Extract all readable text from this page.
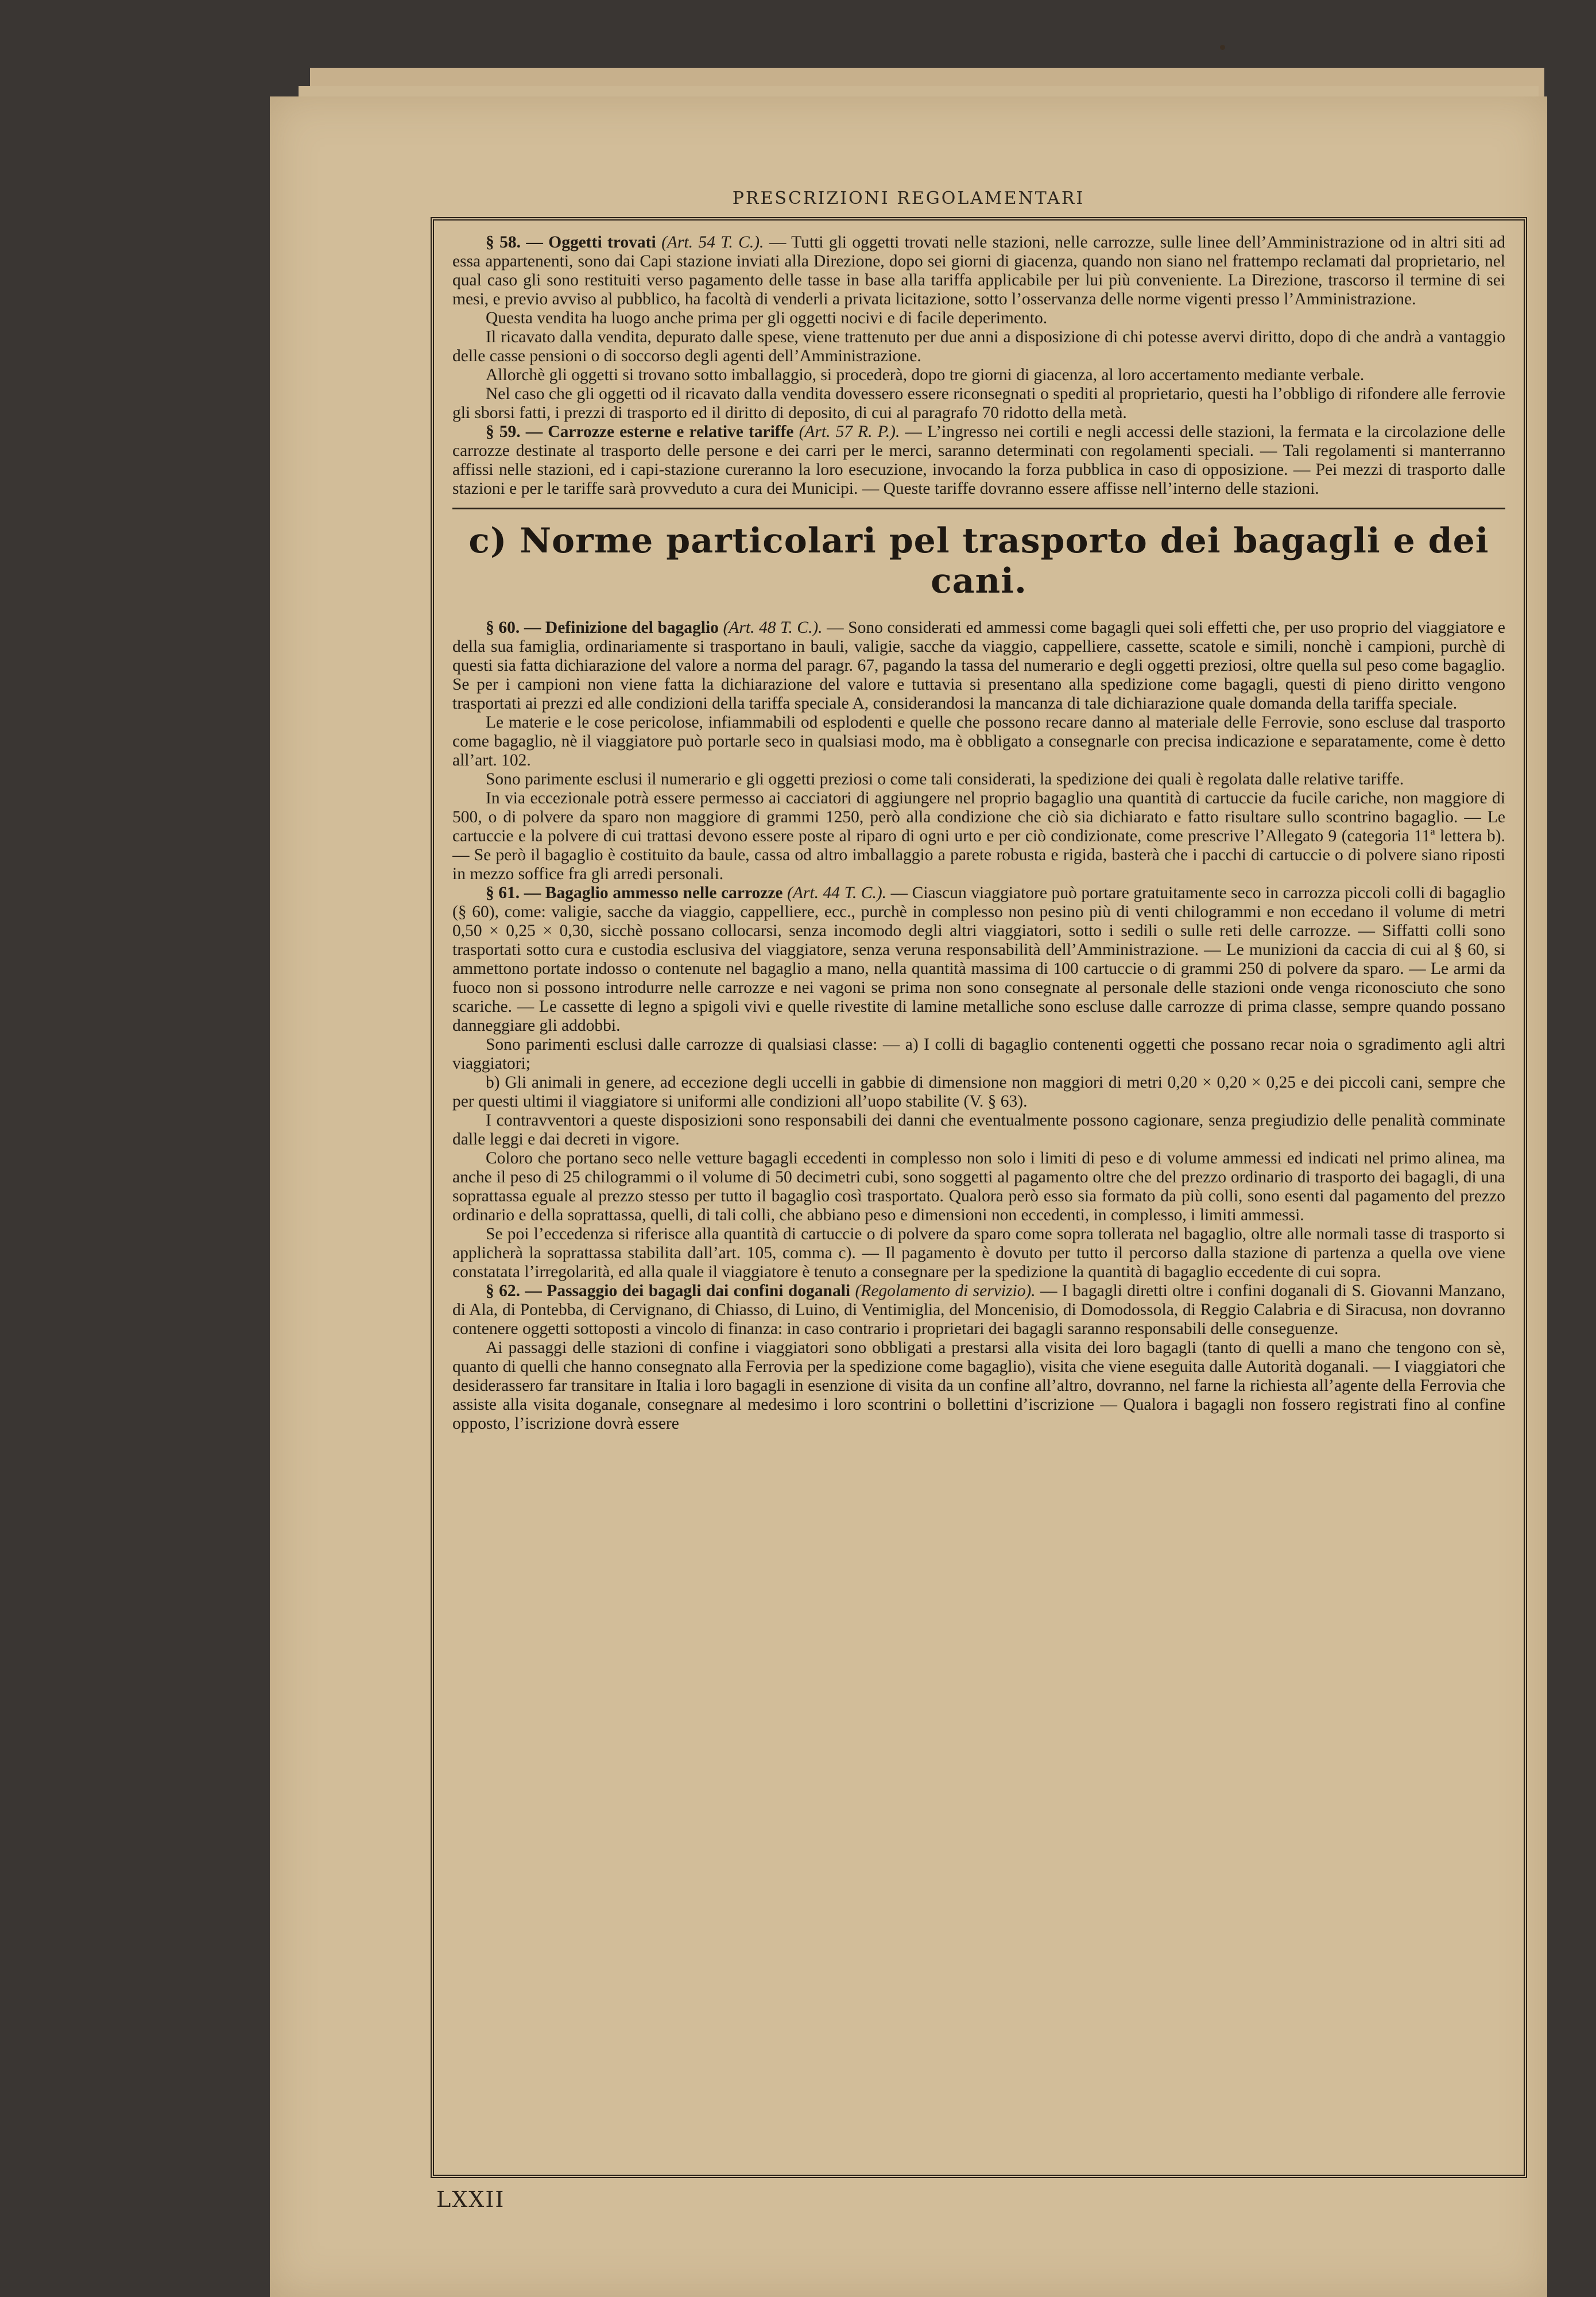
PRESCRIZIONI REGOLAMENTARI

§ 58. — Oggetti trovati (Art. 54 T. C.). — Tutti gli oggetti trovati nelle stazioni, nelle carrozze, sulle linee dell’Amministrazione od in altri siti ad essa appartenenti, sono dai Capi stazione inviati alla Direzione, dopo sei giorni di giacenza, quando non siano nel frattempo reclamati dal proprietario, nel qual caso gli sono restituiti verso pagamento delle tasse in base alla tariffa applicabile per lui più conveniente. La Direzione, trascorso il termine di sei mesi, e previo avviso al pubblico, ha facoltà di venderli a privata licitazione, sotto l’osservanza delle norme vigenti presso l’Amministrazione.

Questa vendita ha luogo anche prima per gli oggetti nocivi e di facile deperimento.

Il ricavato dalla vendita, depurato dalle spese, viene trattenuto per due anni a disposizione di chi potesse avervi diritto, dopo di che andrà a vantaggio delle casse pensioni o di soccorso degli agenti dell’Amministrazione.

Allorchè gli oggetti si trovano sotto imballaggio, si procederà, dopo tre giorni di giacenza, al loro accertamento mediante verbale.

Nel caso che gli oggetti od il ricavato dalla vendita dovessero essere riconsegnati o spediti al proprietario, questi ha l’obbligo di rifondere alle ferrovie gli sborsi fatti, i prezzi di trasporto ed il diritto di deposito, di cui al paragrafo 70 ridotto della metà.

§ 59. — Carrozze esterne e relative tariffe (Art. 57 R. P.). — L’ingresso nei cortili e negli accessi delle stazioni, la fermata e la circolazione delle carrozze destinate al trasporto delle persone e dei carri per le merci, saranno determinati con regolamenti speciali. — Tali regolamenti si manterranno affissi nelle stazioni, ed i capi-stazione cureranno la loro esecuzione, invocando la forza pubblica in caso di opposizione. — Pei mezzi di trasporto dalle stazioni e per le tariffe sarà provveduto a cura dei Municipi. — Queste tariffe dovranno essere affisse nell’interno delle stazioni.

c) Norme particolari pel trasporto dei bagagli e dei cani.

§ 60. — Definizione del bagaglio (Art. 48 T. C.). — Sono considerati ed ammessi come bagagli quei soli effetti che, per uso proprio del viaggiatore e della sua famiglia, ordinariamente si trasportano in bauli, valigie, sacche da viaggio, cappelliere, cassette, scatole e simili, nonchè i campioni, purchè di questi sia fatta dichiarazione del valore a norma del paragr. 67, pagando la tassa del numerario e degli oggetti preziosi, oltre quella sul peso come bagaglio. Se per i campioni non viene fatta la dichiarazione del valore e tuttavia si presentano alla spedizione come bagagli, questi di pieno diritto vengono trasportati ai prezzi ed alle condizioni della tariffa speciale A, considerandosi la mancanza di tale dichiarazione quale domanda della tariffa speciale.

Le materie e le cose pericolose, infiammabili od esplodenti e quelle che possono recare danno al materiale delle Ferrovie, sono escluse dal trasporto come bagaglio, nè il viaggiatore può portarle seco in qualsiasi modo, ma è obbligato a consegnarle con precisa indicazione e separatamente, come è detto all’art. 102.

Sono parimente esclusi il numerario e gli oggetti preziosi o come tali considerati, la spedizione dei quali è regolata dalle relative tariffe.

In via eccezionale potrà essere permesso ai cacciatori di aggiungere nel proprio bagaglio una quantità di cartuccie da fucile cariche, non maggiore di 500, o di polvere da sparo non maggiore di grammi 1250, però alla condizione che ciò sia dichiarato e fatto risultare sullo scontrino bagaglio. — Le cartuccie e la polvere di cui trattasi devono essere poste al riparo di ogni urto e per ciò condizionate, come prescrive l’Allegato 9 (categoria 11ª lettera b). — Se però il bagaglio è costituito da baule, cassa od altro imballaggio a parete robusta e rigida, basterà che i pacchi di cartuccie o di polvere siano riposti in mezzo soffice fra gli arredi personali.

§ 61. — Bagaglio ammesso nelle carrozze (Art. 44 T. C.). — Ciascun viaggiatore può portare gratuitamente seco in carrozza piccoli colli di bagaglio (§ 60), come: valigie, sacche da viaggio, cappelliere, ecc., purchè in complesso non pesino più di venti chilogrammi e non eccedano il volume di metri 0,50 × 0,25 × 0,30, sicchè possano collocarsi, senza incomodo degli altri viaggiatori, sotto i sedili o sulle reti delle carrozze. — Siffatti colli sono trasportati sotto cura e custodia esclusiva del viaggiatore, senza veruna responsabilità dell’Amministrazione. — Le munizioni da caccia di cui al § 60, si ammettono portate indosso o contenute nel bagaglio a mano, nella quantità massima di 100 cartuccie o di grammi 250 di polvere da sparo. — Le armi da fuoco non si possono introdurre nelle carrozze e nei vagoni se prima non sono consegnate al personale delle stazioni onde venga riconosciuto che sono scariche. — Le cassette di legno a spigoli vivi e quelle rivestite di lamine metalliche sono escluse dalle carrozze di prima classe, sempre quando possano danneggiare gli addobbi.

Sono parimenti esclusi dalle carrozze di qualsiasi classe: — a) I colli di bagaglio contenenti oggetti che possano recar noia o sgradimento agli altri viaggiatori;

b) Gli animali in genere, ad eccezione degli uccelli in gabbie di dimensione non maggiori di metri 0,20 × 0,20 × 0,25 e dei piccoli cani, sempre che per questi ultimi il viaggiatore si uniformi alle condizioni all’uopo stabilite (V. § 63).

I contravventori a queste disposizioni sono responsabili dei danni che eventualmente possono cagionare, senza pregiudizio delle penalità comminate dalle leggi e dai decreti in vigore.

Coloro che portano seco nelle vetture bagagli eccedenti in complesso non solo i limiti di peso e di volume ammessi ed indicati nel primo alinea, ma anche il peso di 25 chilogrammi o il volume di 50 decimetri cubi, sono soggetti al pagamento oltre che del prezzo ordinario di trasporto dei bagagli, di una soprattassa eguale al prezzo stesso per tutto il bagaglio così trasportato. Qualora però esso sia formato da più colli, sono esenti dal pagamento del prezzo ordinario e della soprattassa, quelli, di tali colli, che abbiano peso e dimensioni non eccedenti, in complesso, i limiti ammessi.

Se poi l’eccedenza si riferisce alla quantità di cartuccie o di polvere da sparo come sopra tollerata nel bagaglio, oltre alle normali tasse di trasporto si applicherà la soprattassa stabilita dall’art. 105, comma c). — Il pagamento è dovuto per tutto il percorso dalla stazione di partenza a quella ove viene constatata l’irregolarità, ed alla quale il viaggiatore è tenuto a consegnare per la spedizione la quantità di bagaglio eccedente di cui sopra.

§ 62. — Passaggio dei bagagli dai confini doganali (Regolamento di servizio). — I bagagli diretti oltre i confini doganali di S. Giovanni Manzano, di Ala, di Pontebba, di Cervignano, di Chiasso, di Luino, di Ventimiglia, del Moncenisio, di Domodossola, di Reggio Calabria e di Siracusa, non dovranno contenere oggetti sottoposti a vincolo di finanza: in caso contrario i proprietari dei bagagli saranno responsabili delle conseguenze.

Ai passaggi delle stazioni di confine i viaggiatori sono obbligati a prestarsi alla visita dei loro bagagli (tanto di quelli a mano che tengono con sè, quanto di quelli che hanno consegnato alla Ferrovia per la spedizione come bagaglio), visita che viene eseguita dalle Autorità doganali. — I viaggiatori che desiderassero far transitare in Italia i loro bagagli in esenzione di visita da un confine all’altro, dovranno, nel farne la richiesta all’agente della Ferrovia che assiste alla visita doganale, consegnare al medesimo i loro scontrini o bollettini d’iscrizione — Qualora i bagagli non fossero registrati fino al confine opposto, l’iscrizione dovrà essere

LXXII
